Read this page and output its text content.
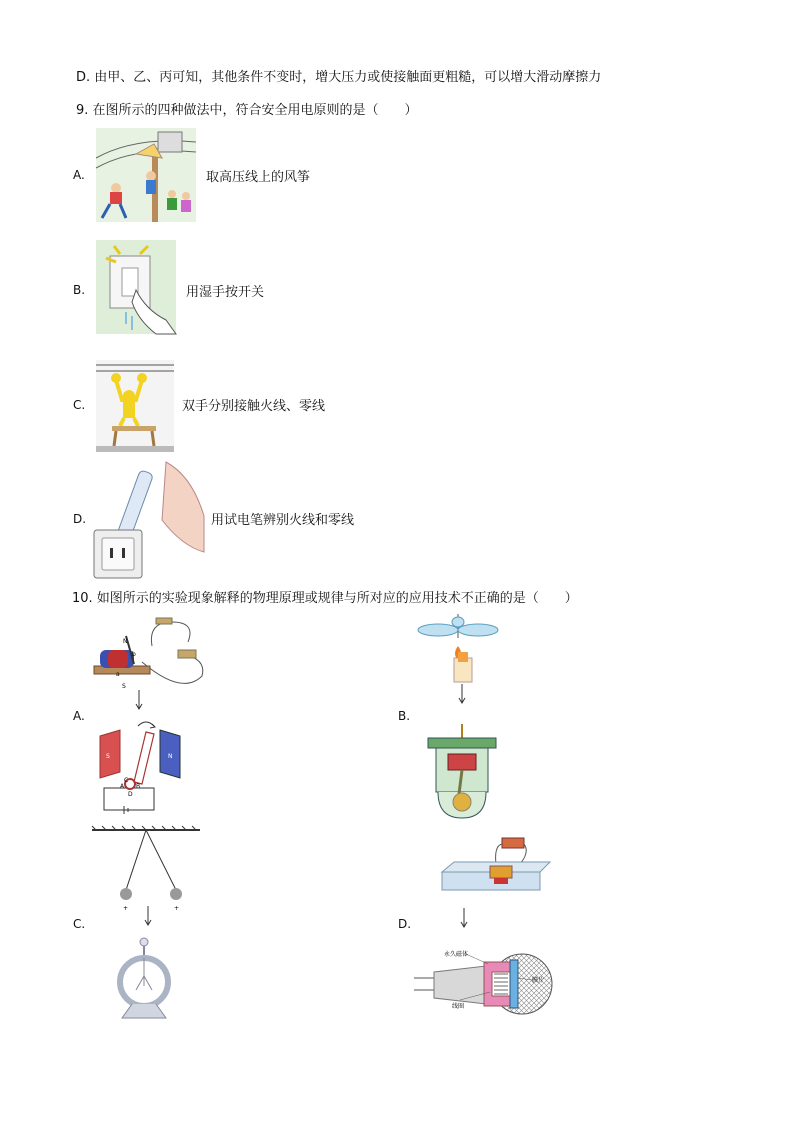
D. 由甲、乙、丙可知，其他条件不变时，增大压力或使接触面更粗糙，可以增大滑动摩擦力
9. 在图所示的四种做法中，符合安全用电原则的是（　　）
A.	取高压线上的风筝
B.	用湿手按开关
C.	双手分别接触火线、零线
D.	用试电笔辨别火线和零线
10. 如图所示的实验现象解释的物理原理或规律与所对应的应用技术不正确的是（　　）
N
b
a
S
A.
S	N
C
A B
D
B.
+	+
C.	D.
永久磁体
线圈
膜片
